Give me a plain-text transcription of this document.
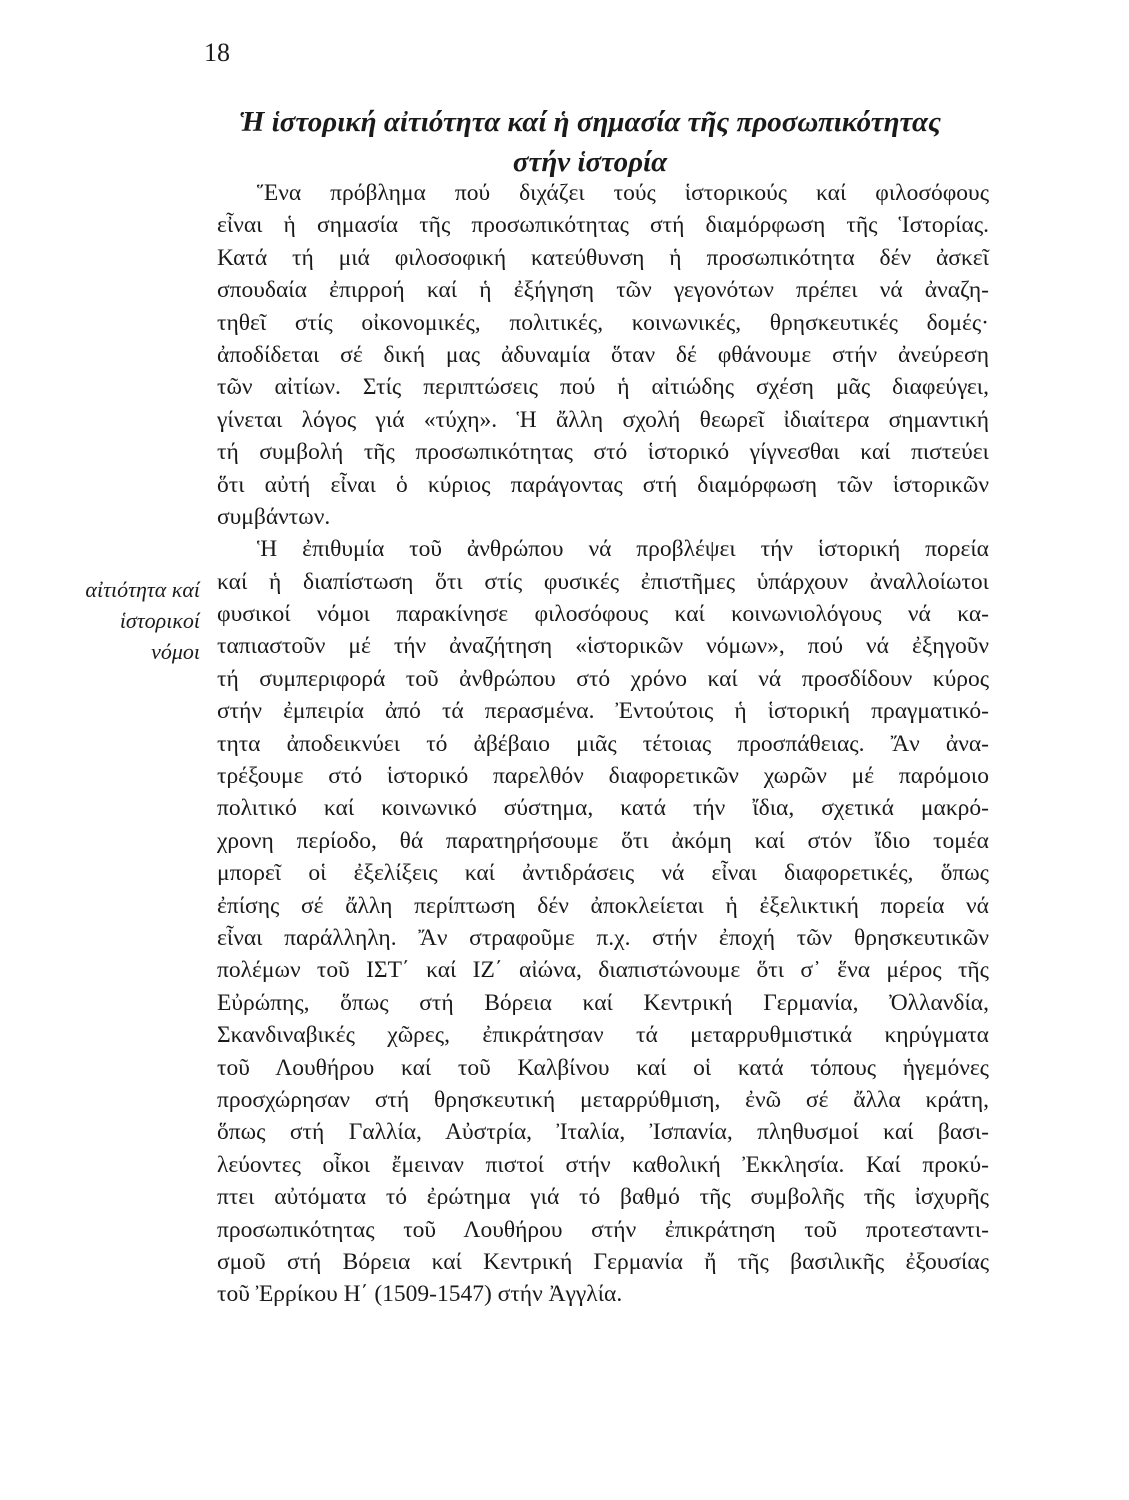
18
Ἡ ἱστορική αἰτιότητα καί ἡ σημασία τῆς προσωπικότητας
στήν ἱστορία
αἰτιότητα καί
ἱστορικοί
νόμοι
Ἕνα πρόβλημα πού διχάζει τούς ἱστορικούς καί φιλοσόφους
εἶναι ἡ σημασία τῆς προσωπικότητας στή διαμόρφωση τῆς Ἱστορίας.
Κατά τή μιά φιλοσοφική κατεύθυνση ἡ προσωπικότητα δέν ἀσκεῖ
σπουδαία ἐπιρροή καί ἡ ἐξήγηση τῶν γεγονότων πρέπει νά ἀναζη-
τηθεῖ στίς οἰκονομικές, πολιτικές, κοινωνικές, θρησκευτικές δομές·
ἀποδίδεται σέ δική μας ἀδυναμία ὅταν δέ φθάνουμε στήν ἀνεύρεση
τῶν αἰτίων. Στίς περιπτώσεις πού ἡ αἰτιώδης σχέση μᾶς διαφεύγει,
γίνεται λόγος γιά «τύχη». Ἡ ἄλλη σχολή θεωρεῖ ἰδιαίτερα σημαντική
τή συμβολή τῆς προσωπικότητας στό ἱστορικό γίγνεσθαι καί πιστεύει
ὅτι αὐτή εἶναι ὁ κύριος παράγοντας στή διαμόρφωση τῶν ἱστορικῶν
συμβάντων.
Ἡ ἐπιθυμία τοῦ ἀνθρώπου νά προβλέψει τήν ἱστορική πορεία
καί ἡ διαπίστωση ὅτι στίς φυσικές ἐπιστῆμες ὑπάρχουν ἀναλλοίωτοι
φυσικοί νόμοι παρακίνησε φιλοσόφους καί κοινωνιολόγους νά κα-
ταπιαστοῦν μέ τήν ἀναζήτηση «ἱστορικῶν νόμων», πού νά ἐξηγοῦν
τή συμπεριφορά τοῦ ἀνθρώπου στό χρόνο καί νά προσδίδουν κύρος
στήν ἐμπειρία ἀπό τά περασμένα. Ἐντούτοις ἡ ἱστορική πραγματικό-
τητα ἀποδεικνύει τό ἀβέβαιο μιᾶς τέτοιας προσπάθειας. Ἄν ἀνα-
τρέξουμε στό ἱστορικό παρελθόν διαφορετικῶν χωρῶν μέ παρόμοιο
πολιτικό καί κοινωνικό σύστημα, κατά τήν ἴδια, σχετικά μακρό-
χρονη περίοδο, θά παρατηρήσουμε ὅτι ἀκόμη καί στόν ἴδιο τομέα
μπορεῖ οἱ ἐξελίξεις καί ἀντιδράσεις νά εἶναι διαφορετικές, ὅπως
ἐπίσης σέ ἄλλη περίπτωση δέν ἀποκλείεται ἡ ἐξελικτική πορεία νά
εἶναι παράλληλη. Ἄν στραφοῦμε π.χ. στήν ἐποχή τῶν θρησκευτικῶν
πολέμων τοῦ ΙΣΤ΄ καί ΙΖ΄ αἰώνα, διαπιστώνουμε ὅτι σ᾽ ἕνα μέρος τῆς
Εὐρώπης, ὅπως στή Βόρεια καί Κεντρική Γερμανία, Ὀλλανδία,
Σκανδιναβικές χῶρες, ἐπικράτησαν τά μεταρρυθμιστικά κηρύγματα
τοῦ Λουθήρου καί τοῦ Καλβίνου καί οἱ κατά τόπους ἡγεμόνες
προσχώρησαν στή θρησκευτική μεταρρύθμιση, ἐνῶ σέ ἄλλα κράτη,
ὅπως στή Γαλλία, Αὐστρία, Ἰταλία, Ἰσπανία, πληθυσμοί καί βασι-
λεύοντες οἶκοι ἔμειναν πιστοί στήν καθολική Ἐκκλησία. Καί προκύ-
πτει αὐτόματα τό ἐρώτημα γιά τό βαθμό τῆς συμβολῆς τῆς ἰσχυρῆς
προσωπικότητας τοῦ Λουθήρου στήν ἐπικράτηση τοῦ προτεσταντι-
σμοῦ στή Βόρεια καί Κεντρική Γερμανία ἤ τῆς βασιλικῆς ἐξουσίας
τοῦ Ἐρρίκου Η΄ (1509-1547) στήν Ἀγγλία.
